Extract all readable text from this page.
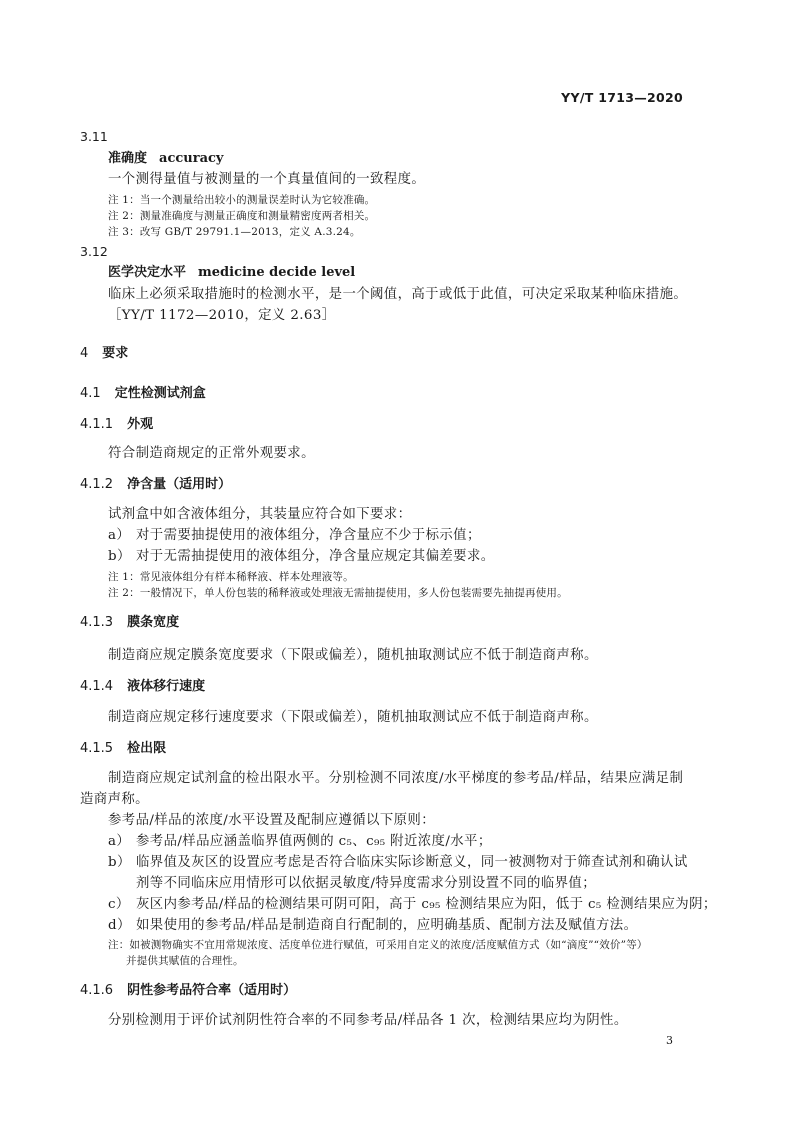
YY/T 1713—2020
3.11
准确度 accuracy
一个测得量值与被测量的一个真量值间的一致程度。
注 1：当一个测量给出较小的测量误差时认为它较准确。
注 2：测量准确度与测量正确度和测量精密度两者相关。
注 3：改写 GB/T 29791.1—2013，定义 A.3.24。
3.12
医学决定水平 medicine decide level
临床上必须采取措施时的检测水平，是一个阈值，高于或低于此值，可决定采取某种临床措施。
［YY/T 1172—2010，定义 2.63］
4 要求
4.1 定性检测试剂盒
4.1.1 外观
符合制造商规定的正常外观要求。
4.1.2 净含量（适用时）
试剂盒中如含液体组分，其装量应符合如下要求：
a） 对于需要抽提使用的液体组分，净含量应不少于标示值；
b） 对于无需抽提使用的液体组分，净含量应规定其偏差要求。
注 1：常见液体组分有样本稀释液、样本处理液等。
注 2：一般情况下，单人份包装的稀释液或处理液无需抽提使用，多人份包装需要先抽提再使用。
4.1.3 膜条宽度
制造商应规定膜条宽度要求（下限或偏差），随机抽取测试应不低于制造商声称。
4.1.4 液体移行速度
制造商应规定移行速度要求（下限或偏差），随机抽取测试应不低于制造商声称。
4.1.5 检出限
制造商应规定试剂盒的检出限水平。分别检测不同浓度/水平梯度的参考品/样品，结果应满足制
造商声称。
参考品/样品的浓度/水平设置及配制应遵循以下原则：
a） 参考品/样品应涵盖临界值两侧的 c₅、c₉₅ 附近浓度/水平；
b） 临界值及灰区的设置应考虑是否符合临床实际诊断意义，同一被测物对于筛查试剂和确认试
剂等不同临床应用情形可以依据灵敏度/特异度需求分别设置不同的临界值；
c） 灰区内参考品/样品的检测结果可阴可阳，高于 c₉₅ 检测结果应为阳，低于 c₅ 检测结果应为阴；
d） 如果使用的参考品/样品是制造商自行配制的，应明确基质、配制方法及赋值方法。
注：如被测物确实不宜用常规浓度、活度单位进行赋值，可采用自定义的浓度/活度赋值方式（如“滴度”“效价”等）
并提供其赋值的合理性。
4.1.6 阴性参考品符合率（适用时）
分别检测用于评价试剂阴性符合率的不同参考品/样品各 1 次，检测结果应均为阴性。
3
